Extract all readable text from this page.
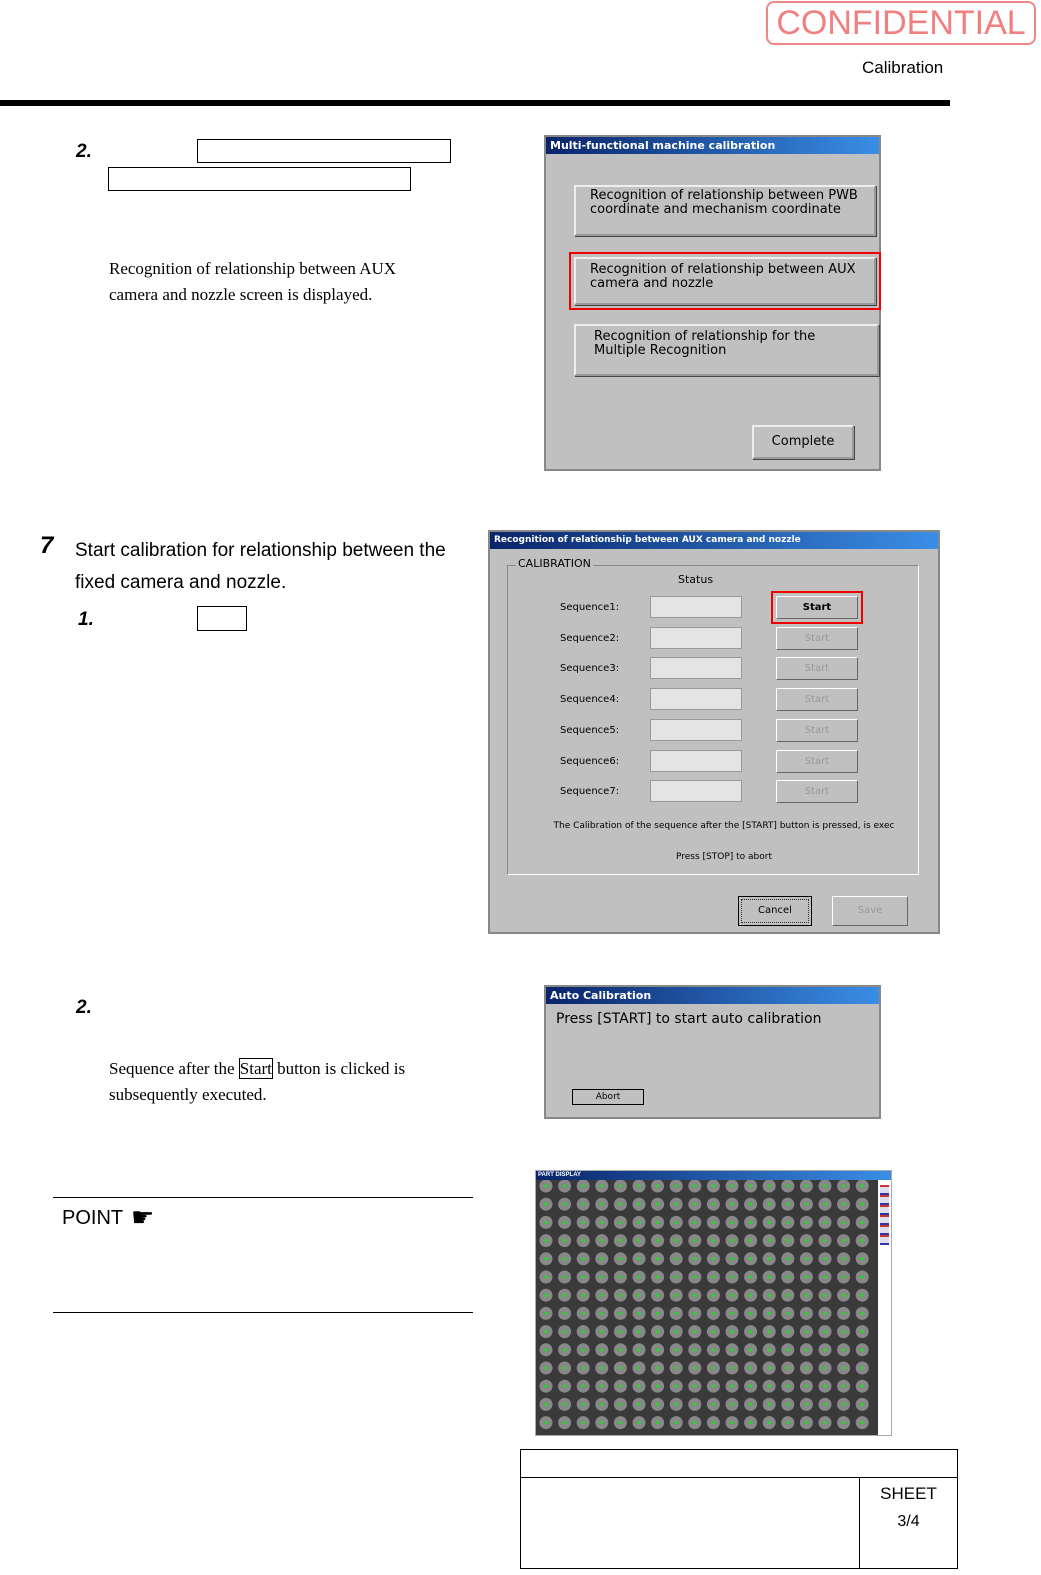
CONFIDENTIAL
Calibration
2.
Recognition of relationship between AUX camera and nozzle screen is displayed.
Multi-functional machine calibration
Recognition of relationship between PWB coordinate and mechanism coordinate
Recognition of relationship between AUX camera and nozzle
Recognition of relationship for the Multiple Recognition
Complete
7 Start calibration for relationship between the fixed camera and nozzle.
1.
Recognition of relationship between AUX camera and nozzle
CALIBRATION
Status
Sequence1:	Start
Sequence2:	Start
Sequence3:	Start
Sequence4:	Start
Sequence5:	Start
Sequence6:	Start
Sequence7:	Start
The Calibration of the sequence after the [START] button is pressed, is exec
Press [STOP] to abort
Cancel	Save
2.
Sequence after the Start button is clicked is subsequently executed.
Auto Calibration
Press [START] to start auto calibration
Abort
POINT ☛
PART DISPLAY
SHEET
3/4
